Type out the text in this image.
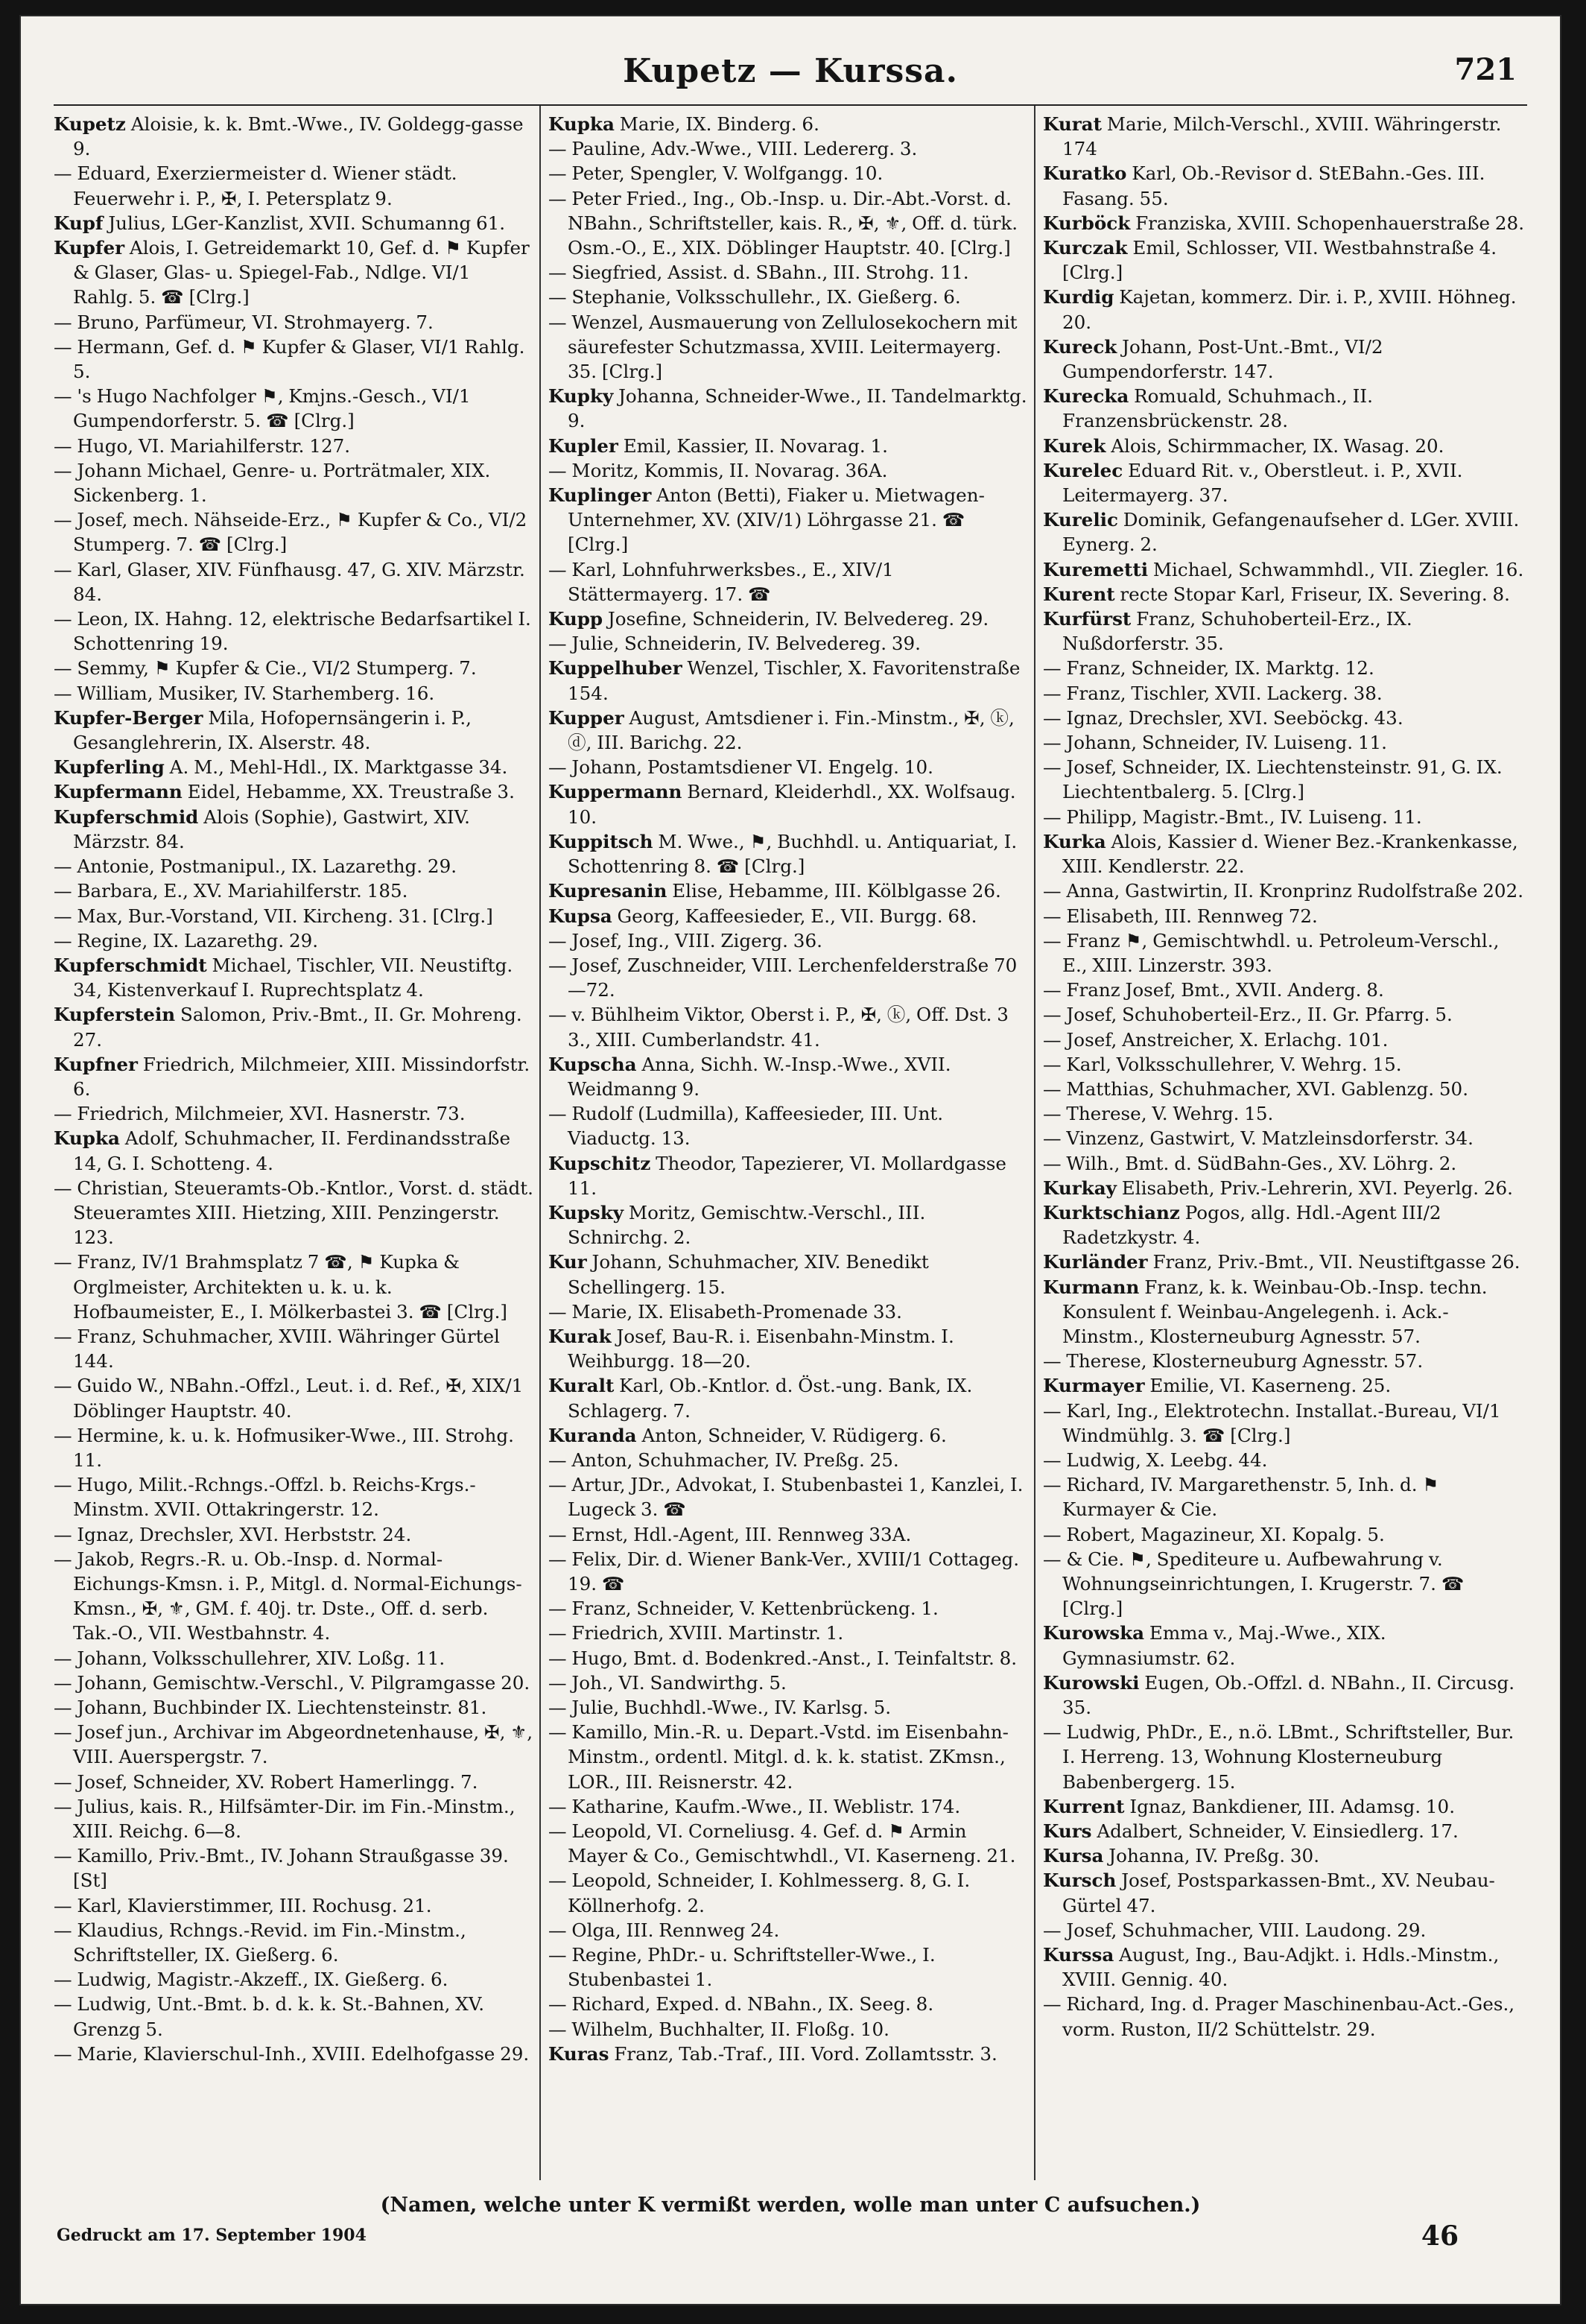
Kupetz — Kurssa.	721

Kupetz Aloisie, k. k. Bmt.-Wwe., IV. Goldegg-gasse 9.

— Eduard, Exerziermeister d. Wiener städt. Feuerwehr i. P., ✠, I. Petersplatz 9.

Kupf Julius, LGer-Kanzlist, XVII. Schumanng 61.

Kupfer Alois, I. Getreidemarkt 10, Gef. d. ⚑ Kupfer & Glaser, Glas- u. Spiegel-Fab., Ndlge. VI/1 Rahlg. 5. ☎ [Clrg.]

— Bruno, Parfümeur, VI. Strohmayerg. 7.

— Hermann, Gef. d. ⚑ Kupfer & Glaser, VI/1 Rahlg. 5.

— 's Hugo Nachfolger ⚑, Kmjns.-Gesch., VI/1 Gumpendorferstr. 5. ☎ [Clrg.]

— Hugo, VI. Mariahilferstr. 127.

— Johann Michael, Genre- u. Porträtmaler, XIX. Sickenberg. 1.

— Josef, mech. Nähseide-Erz., ⚑ Kupfer & Co., VI/2 Stumperg. 7. ☎ [Clrg.]

— Karl, Glaser, XIV. Fünfhausg. 47, G. XIV. Märzstr. 84.

— Leon, IX. Hahng. 12, elektrische Bedarfsartikel I. Schottenring 19.

— Semmy, ⚑ Kupfer & Cie., VI/2 Stumperg. 7.

— William, Musiker, IV. Starhemberg. 16.

Kupfer-Berger Mila, Hofopernsängerin i. P., Gesanglehrerin, IX. Alserstr. 48.

Kupferling A. M., Mehl-Hdl., IX. Marktgasse 34.

Kupfermann Eidel, Hebamme, XX. Treustraße 3.

Kupferschmid Alois (Sophie), Gastwirt, XIV. Märzstr. 84.

— Antonie, Postmanipul., IX. Lazarethg. 29.

— Barbara, E., XV. Mariahilferstr. 185.

— Max, Bur.-Vorstand, VII. Kircheng. 31. [Clrg.]

— Regine, IX. Lazarethg. 29.

Kupferschmidt Michael, Tischler, VII. Neustiftg. 34, Kistenverkauf I. Ruprechtsplatz 4.

Kupferstein Salomon, Priv.-Bmt., II. Gr. Mohreng. 27.

Kupfner Friedrich, Milchmeier, XIII. Missindorfstr. 6.

— Friedrich, Milchmeier, XVI. Hasnerstr. 73.

Kupka Adolf, Schuhmacher, II. Ferdinandsstraße 14, G. I. Schotteng. 4.

— Christian, Steueramts-Ob.-Kntlor., Vorst. d. städt. Steueramtes XIII. Hietzing, XIII. Penzingerstr. 123.

— Franz, IV/1 Brahmsplatz 7 ☎, ⚑ Kupka & Orglmeister, Architekten u. k. u. k. Hofbaumeister, E., I. Mölkerbastei 3. ☎ [Clrg.]

— Franz, Schuhmacher, XVIII. Währinger Gürtel 144.

— Guido W., NBahn.-Offzl., Leut. i. d. Ref., ✠, XIX/1 Döblinger Hauptstr. 40.

— Hermine, k. u. k. Hofmusiker-Wwe., III. Strohg. 11.

— Hugo, Milit.-Rchngs.-Offzl. b. Reichs-Krgs.-Minstm. XVII. Ottakringerstr. 12.

— Ignaz, Drechsler, XVI. Herbststr. 24.

— Jakob, Regrs.-R. u. Ob.-Insp. d. Normal-Eichungs-Kmsn. i. P., Mitgl. d. Normal-Eichungs-Kmsn., ✠, ⚜, GM. f. 40j. tr. Dste., Off. d. serb. Tak.-O., VII. Westbahnstr. 4.

— Johann, Volksschullehrer, XIV. Loßg. 11.

— Johann, Gemischtw.-Verschl., V. Pilgramgasse 20.

— Johann, Buchbinder IX. Liechtensteinstr. 81.

— Josef jun., Archivar im Abgeordnetenhause, ✠, ⚜, VIII. Auerspergstr. 7.

— Josef, Schneider, XV. Robert Hamerlingg. 7.

— Julius, kais. R., Hilfsämter-Dir. im Fin.-Minstm., XIII. Reichg. 6—8.

— Kamillo, Priv.-Bmt., IV. Johann Straußgasse 39. [St]

— Karl, Klavierstimmer, III. Rochusg. 21.

— Klaudius, Rchngs.-Revid. im Fin.-Minstm., Schriftsteller, IX. Gießerg. 6.

— Ludwig, Magistr.-Akzeff., IX. Gießerg. 6.

— Ludwig, Unt.-Bmt. b. d. k. k. St.-Bahnen, XV. Grenzg 5.

— Marie, Klavierschul-Inh., XVIII. Edelhofgasse 29.

Kupka Marie, IX. Binderg. 6.

— Pauline, Adv.-Wwe., VIII. Ledererg. 3.

— Peter, Spengler, V. Wolfgangg. 10.

— Peter Fried., Ing., Ob.-Insp. u. Dir.-Abt.-Vorst. d. NBahn., Schriftsteller, kais. R., ✠, ⚜, Off. d. türk. Osm.-O., E., XIX. Döblinger Hauptstr. 40. [Clrg.]

— Siegfried, Assist. d. SBahn., III. Strohg. 11.

— Stephanie, Volksschullehr., IX. Gießerg. 6.

— Wenzel, Ausmauerung von Zellulosekochern mit säurefester Schutzmassa, XVIII. Leitermayerg. 35. [Clrg.]

Kupky Johanna, Schneider-Wwe., II. Tandelmarktg. 9.

Kupler Emil, Kassier, II. Novarag. 1.

— Moritz, Kommis, II. Novarag. 36A.

Kuplinger Anton (Betti), Fiaker u. Mietwagen-Unternehmer, XV. (XIV/1) Löhrgasse 21. ☎ [Clrg.]

— Karl, Lohnfuhrwerksbes., E., XIV/1 Stättermayerg. 17. ☎

Kupp Josefine, Schneiderin, IV. Belvederеg. 29.

— Julie, Schneiderin, IV. Belvedereg. 39.

Kuppelhuber Wenzel, Tischler, X. Favoritenstraße 154.

Kupper August, Amtsdiener i. Fin.-Minstm., ✠, ⓚ, ⓓ, III. Barichg. 22.

— Johann, Postamtsdiener VI. Engelg. 10.

Kuppermann Bernard, Kleiderhdl., XX. Wolfsaug. 10.

Kuppitsch M. Wwe., ⚑, Buchhdl. u. Antiquariat, I. Schottenring 8. ☎ [Clrg.]

Kupresanin Elise, Hebamme, III. Kölblgasse 26.

Kupsa Georg, Kaffeesieder, E., VII. Burgg. 68.

— Josef, Ing., VIII. Zigerg. 36.

— Josef, Zuschneider, VIII. Lerchenfelderstraße 70—72.

— v. Bühlheim Viktor, Oberst i. P., ✠, ⓚ, Off. Dst. 3 3., XIII. Cumberlandstr. 41.

Kupscha Anna, Sichh. W.-Insp.-Wwe., XVII. Weidmanng 9.

— Rudolf (Ludmilla), Kaffeesieder, III. Unt. Viaductg. 13.

Kupschitz Theodor, Tapezierer, VI. Mollardgasse 11.

Kupsky Moritz, Gemischtw.-Verschl., III. Schnirchg. 2.

Kur Johann, Schuhmacher, XIV. Benedikt Schellingerg. 15.

— Marie, IX. Elisabeth-Promenade 33.

Kurak Josef, Bau-R. i. Eisenbahn-Minstm. I. Weihburgg. 18—20.

Kuralt Karl, Ob.-Kntlor. d. Öst.-ung. Bank, IX. Schlagerg. 7.

Kuranda Anton, Schneider, V. Rüdigerg. 6.

— Anton, Schuhmacher, IV. Preßg. 25.

— Artur, JDr., Advokat, I. Stubenbastei 1, Kanzlei, I. Lugeck 3. ☎

— Ernst, Hdl.-Agent, III. Rennweg 33A.

— Felix, Dir. d. Wiener Bank-Ver., XVIII/1 Cottageg. 19. ☎

— Franz, Schneider, V. Kettenbrückeng. 1.

— Friedrich, XVIII. Martinstr. 1.

— Hugo, Bmt. d. Bodenkred.-Anst., I. Teinfaltstr. 8.

— Joh., VI. Sandwirthg. 5.

— Julie, Buchhdl.-Wwe., IV. Karlsg. 5.

— Kamillo, Min.-R. u. Depart.-Vstd. im Eisenbahn-Minstm., ordentl. Mitgl. d. k. k. statist. ZKmsn., LOR., III. Reisnerstr. 42.

— Katharine, Kaufm.-Wwe., II. Weblistr. 174.

— Leopold, VI. Corneliusg. 4. Gef. d. ⚑ Armin Mayer & Co., Gemischtwhdl., VI. Kaserneng. 21.

— Leopold, Schneider, I. Kohlmesserg. 8, G. I. Köllnerhofg. 2.

— Olga, III. Rennweg 24.

— Regine, PhDr.- u. Schriftsteller-Wwe., I. Stubenbastei 1.

— Richard, Exped. d. NBahn., IX. Seeg. 8.

— Wilhelm, Buchhalter, II. Floßg. 10.

Kuras Franz, Tab.-Traf., III. Vord. Zollamtsstr. 3.

Kurat Marie, Milch-Verschl., XVIII. Währingerstr. 174

Kuratko Karl, Ob.-Revisor d. StEBahn.-Ges. III. Fasang. 55.

Kurböck Franziska, XVIII. Schopenhauerstraße 28.

Kurczak Emil, Schlosser, VII. Westbahnstraße 4. [Clrg.]

Kurdig Kajetan, kommerz. Dir. i. P., XVIII. Höhneg. 20.

Kureck Johann, Post-Unt.-Bmt., VI/2 Gumpendorferstr. 147.

Kurecka Romuald, Schuhmach., II. Franzensbrückenstr. 28.

Kurek Alois, Schirmmacher, IX. Wasag. 20.

Kurelec Eduard Rit. v., Oberstleut. i. P., XVII. Leitermayerg. 37.

Kurelic Dominik, Gefangenaufseher d. LGer. XVIII. Eynerg. 2.

Kuremetti Michael, Schwammhdl., VII. Ziegler. 16.

Kurent recte Stopar Karl, Friseur, IX. Severing. 8.

Kurfürst Franz, Schuhoberteil-Erz., IX. Nußdorferstr. 35.

— Franz, Schneider, IX. Marktg. 12.

— Franz, Tischler, XVII. Lackerg. 38.

— Ignaz, Drechsler, XVI. Seeböckg. 43.

— Johann, Schneider, IV. Luiseng. 11.

— Josef, Schneider, IX. Liechtensteinstr. 91, G. IX. Liechtentbalerg. 5. [Clrg.]

— Philipp, Magistr.-Bmt., IV. Luiseng. 11.

Kurka Alois, Kassier d. Wiener Bez.-Krankenkasse, XIII. Kendlerstr. 22.

— Anna, Gastwirtin, II. Kronprinz Rudolfstraße 202.

— Elisabeth, III. Rennweg 72.

— Franz ⚑, Gemischtwhdl. u. Petroleum-Verschl., E., XIII. Linzerstr. 393.

— Franz Josef, Bmt., XVII. Anderg. 8.

— Josef, Schuhoberteil-Erz., II. Gr. Pfarrg. 5.

— Josef, Anstreicher, X. Erlachg. 101.

— Karl, Volksschullehrer, V. Wehrg. 15.

— Matthias, Schuhmacher, XVI. Gablenzg. 50.

— Therese, V. Wehrg. 15.

— Vinzenz, Gastwirt, V. Matzleinsdorferstr. 34.

— Wilh., Bmt. d. SüdBahn-Ges., XV. Löhrg. 2.

Kurkay Elisabeth, Priv.-Lehrerin, XVI. Peyerlg. 26.

Kurktschianz Pogos, allg. Hdl.-Agent III/2 Radetzkystr. 4.

Kurländer Franz, Priv.-Bmt., VII. Neustiftgasse 26.

Kurmann Franz, k. k. Weinbau-Ob.-Insp. techn. Konsulent f. Weinbau-Angelegenh. i. Ack.-Minstm., Klosterneuburg Agnesstr. 57.

— Therese, Klosterneuburg Agnesstr. 57.

Kurmayer Emilie, VI. Kaserneng. 25.

— Karl, Ing., Elektrotechn. Installat.-Bureau, VI/1 Windmühlg. 3. ☎ [Clrg.]

— Ludwig, X. Leebg. 44.

— Richard, IV. Margarethenstr. 5, Inh. d. ⚑ Kurmayer & Cie.

— Robert, Magazineur, XI. Kopalg. 5.

— & Cie. ⚑, Spediteure u. Aufbewahrung v. Wohnungseinrichtungen, I. Krugerstr. 7. ☎ [Clrg.]

Kurowska Emma v., Maj.-Wwe., XIX. Gymnasiumstr. 62.

Kurowski Eugen, Ob.-Offzl. d. NBahn., II. Circusg. 35.

— Ludwig, PhDr., E., n.ö. LBmt., Schriftsteller, Bur. I. Herreng. 13, Wohnung Klosterneuburg Babenbergerg. 15.

Kurrent Ignaz, Bankdiener, III. Adamsg. 10.

Kurs Adalbert, Schneider, V. Einsiedlerg. 17.

Kursa Johanna, IV. Preßg. 30.

Kursch Josef, Postsparkassen-Bmt., XV. Neubau-Gürtel 47.

— Josef, Schuhmacher, VIII. Laudong. 29.

Kurssa August, Ing., Bau-Adjkt. i. Hdls.-Minstm., XVIII. Gennig. 40.

— Richard, Ing. d. Prager Maschinenbau-Act.-Ges., vorm. Ruston, II/2 Schüttelstr. 29.

(Namen, welche unter K vermißt werden, wolle man unter C aufsuchen.)
Gedruckt am 17. September 1904	46
